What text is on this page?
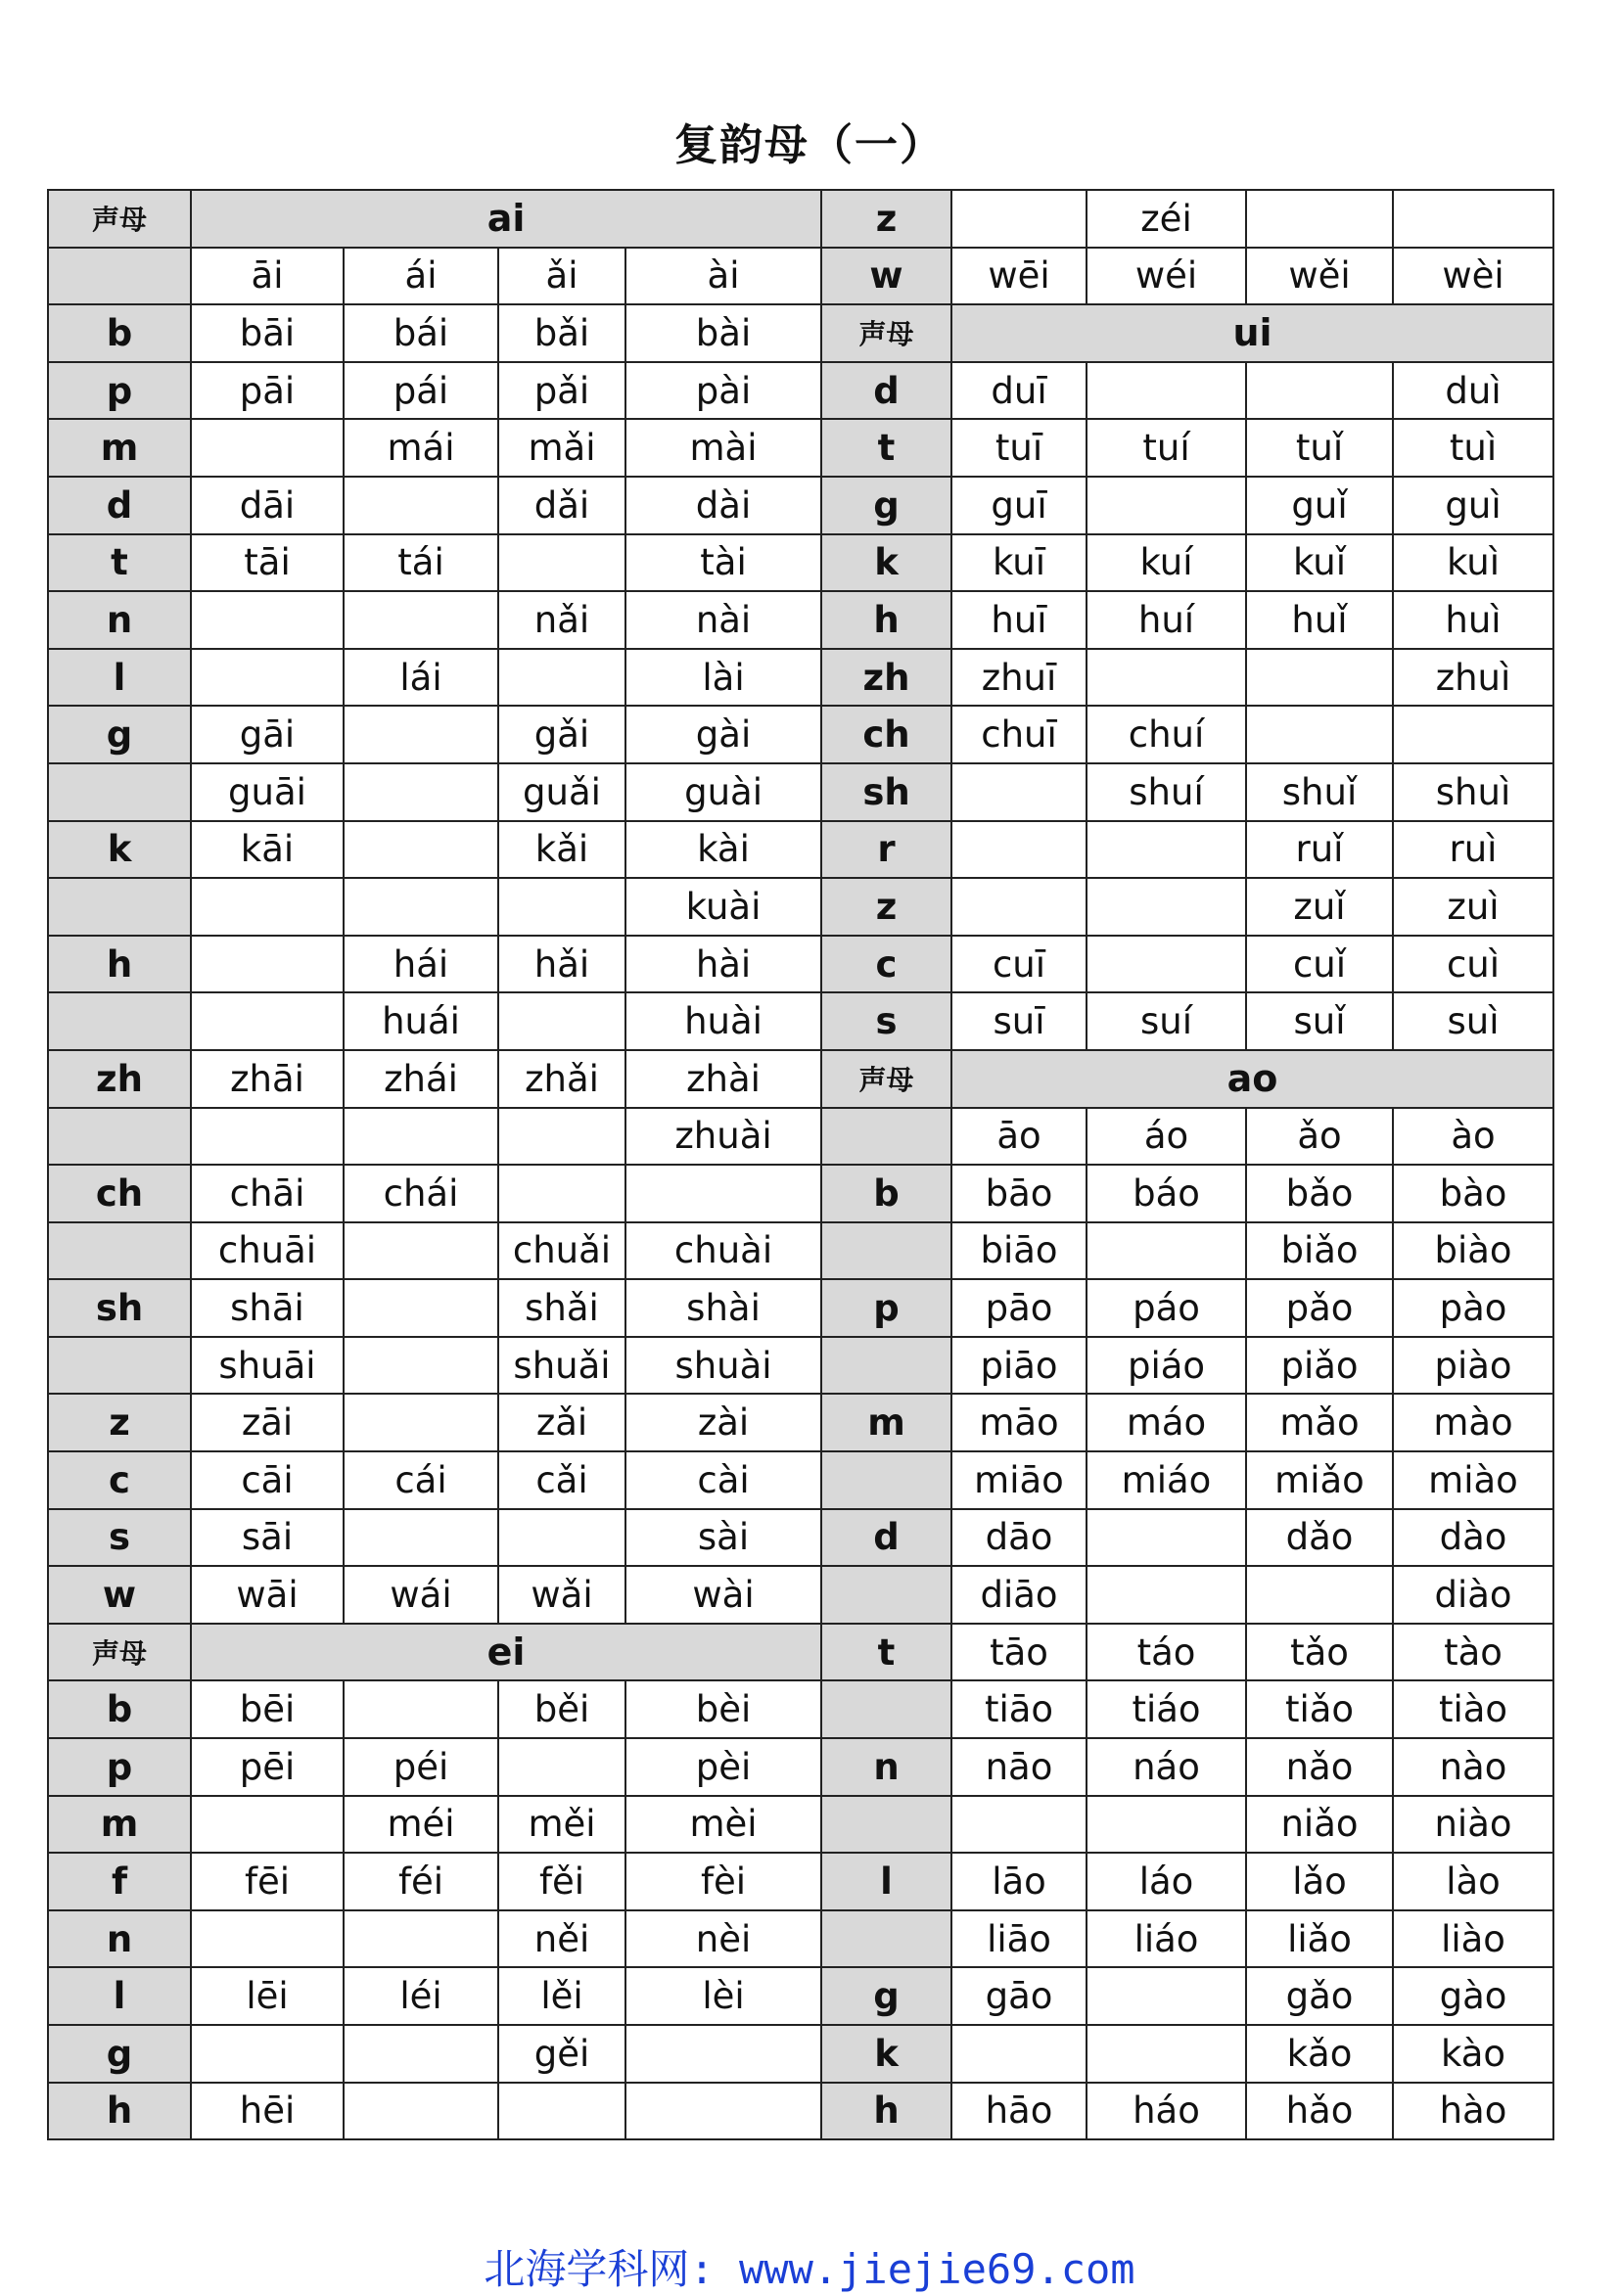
复韵母（一）
声母	ai			
	āi	ái	ǎi	ài
b	bāi	bái	bǎi	bài
p	pāi	pái	pǎi	pài
m		mái	mǎi	mài
d	dāi		dǎi	dài
t	tāi	tái		tài
n			nǎi	nài
l		lái		lài
g	gāi		gǎi	gài
	guāi		guǎi	guài
k	kāi		kǎi	kài
				kuài
h		hái	hǎi	hài
		huái		huài
zh	zhāi	zhái	zhǎi	zhài
				zhuài
ch	chāi	chái		
	chuāi		chuǎi	chuài
sh	shāi		shǎi	shài
	shuāi		shuǎi	shuài
z	zāi		zǎi	zài
c	cāi	cái	cǎi	cài
s	sāi			sài
w	wāi	wái	wǎi	wài
声母	ei			
b	bēi		běi	bèi
p	pēi	péi		pèi
m		méi	měi	mèi
f	fēi	féi	fěi	fèi
n			něi	nèi
l	lēi	léi	lěi	lèi
g			gěi	
h	hēi			
z		zéi		
w	wēi	wéi	wěi	wèi
声母	ui			
d	duī			duì
t	tuī	tuí	tuǐ	tuì
g	guī		guǐ	guì
k	kuī	kuí	kuǐ	kuì
h	huī	huí	huǐ	huì
zh	zhuī			zhuì
ch	chuī	chuí		
sh		shuí	shuǐ	shuì
r			ruǐ	ruì
z			zuǐ	zuì
c	cuī		cuǐ	cuì
s	suī	suí	suǐ	suì
声母	ao			
	āo	áo	ǎo	ào
b	bāo	báo	bǎo	bào
	biāo		biǎo	biào
p	pāo	páo	pǎo	pào
	piāo	piáo	piǎo	piào
m	māo	máo	mǎo	mào
	miāo	miáo	miǎo	miào
d	dāo		dǎo	dào
	diāo			diào
t	tāo	táo	tǎo	tào
	tiāo	tiáo	tiǎo	tiào
n	nāo	náo	nǎo	nào
			niǎo	niào
l	lāo	láo	lǎo	lào
	liāo	liáo	liǎo	liào
g	gāo		gǎo	gào
k			kǎo	kào
h	hāo	háo	hǎo	hào
北海学科网: www.jiejie69.com
